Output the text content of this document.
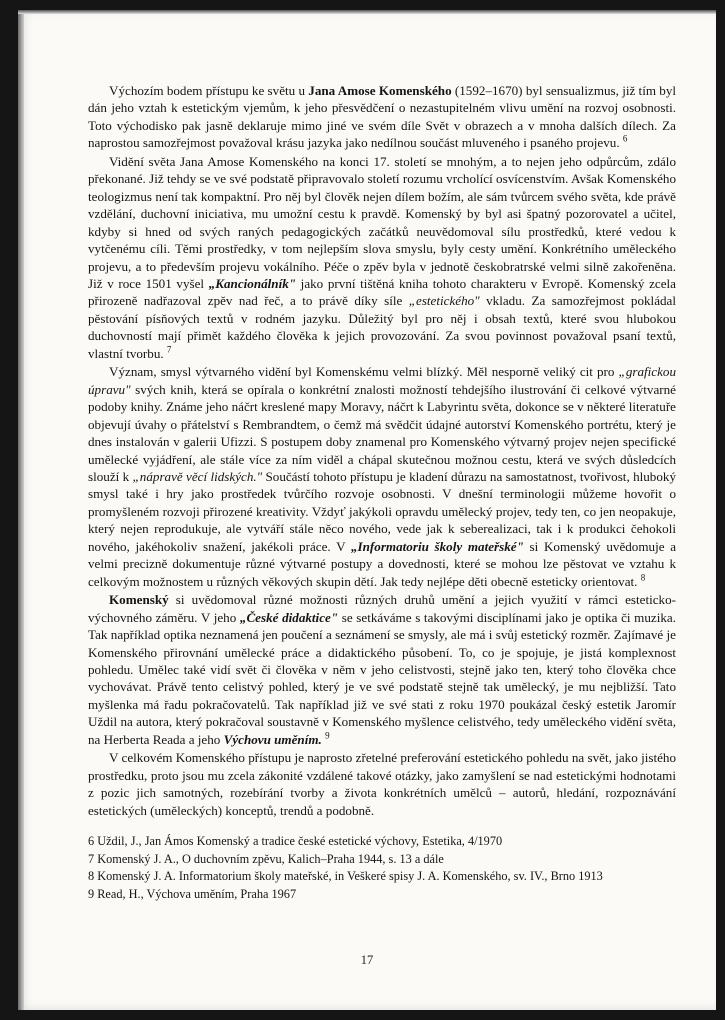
Výchozím bodem přístupu ke světu u Jana Amose Komenského (1592–1670) byl sensualizmus, již tím byl dán jeho vztah k estetickým vjemům, k jeho přesvědčení o nezastupitelném vlivu umění na rozvoj osobnosti. Toto východisko pak jasně deklaruje mimo jiné ve svém díle Svět v obrazech a v mnoha dalších dílech. Za naprostou samozřejmost považoval krásu jazyka jako nedílnou součást mluveného i psaného projevu. $^6$

Vidění světa Jana Amose Komenského na konci 17. století se mnohým, a to nejen jeho odpůrcům, zdálo překonané. Již tehdy se ve své podstatě připravovalo století rozumu vrcholící osvícenstvím. Avšak Komenského teologizmus není tak kompaktní. Pro něj byl člověk nejen dílem božím, ale sám tvůrcem svého světa, kde právě vzdělání, duchovní iniciativa, mu umožní cestu k pravdě. Komenský by byl asi špatný pozorovatel a učitel, kdyby si hned od svých raných pedagogických začátků neuvědomoval sílu prostředků, které vedou k vytčenému cíli. Těmi prostředky, v tom nejlepším slova smyslu, byly cesty umění. Konkrétního uměleckého projevu, a to především projevu vokálního. Péče o zpěv byla v jednotě českobratrské velmi silně zakořeněna. Již v roce 1501 vyšel „Kancionálník" jako první tištěná kniha tohoto charakteru v Evropě. Komenský zcela přirozeně nadřazoval zpěv nad řeč, a to právě díky síle „estetického" vkladu. Za samozřejmost pokládal pěstování písňových textů v rodném jazyku. Důležitý byl pro něj i obsah textů, které svou hlubokou duchovností mají přimět každého člověka k jejich provozování. Za svou povinnost považoval psaní textů, vlastní tvorbu. $^7$

Význam, smysl výtvarného vidění byl Komenskému velmi blízký. Měl nesporně veliký cit pro „grafickou úpravu" svých knih, která se opírala o konkrétní znalosti možností tehdejšího ilustrování či celkové výtvarné podoby knihy. Známe jeho náčrt kreslené mapy Moravy, náčrt k Labyrintu světa, dokonce se v některé literatuře objevují úvahy o přátelství s Rembrandtem, o čemž má svědčit údajné autorství Komenského portrétu, který je dnes instalován v galerii Ufizzi. S postupem doby znamenal pro Komenského výtvarný projev nejen specifické umělecké vyjádření, ale stále více za ním viděl a chápal skutečnou možnou cestu, která ve svých důsledcích slouží k „nápravě věcí lidských." Součástí tohoto přístupu je kladení důrazu na samostatnost, tvořivost, hluboký smysl také i hry jako prostředek tvůrčího rozvoje osobnosti. V dnešní terminologii můžeme hovořit o promyšleném rozvoji přirozené kreativity. Vždyť jakýkoli opravdu umělecký projev, tedy ten, co jen neopakuje, který nejen reprodukuje, ale vytváří stále něco nového, vede jak k seberealizaci, tak i k produkci čehokoli nového, jakéhokoliv snažení, jakékoli práce. V „Informatoriu školy mateřské" si Komenský uvědomuje a velmi precizně dokumentuje různé výtvarné postupy a dovednosti, které se mohou lze pěstovat ve vztahu k celkovým možnostem u různých věkových skupin dětí. Jak tedy nejlépe děti obecně esteticky orientovat. $^8$

Komenský si uvědomoval různé možnosti různých druhů umění a jejich využití v rámci esteticko-výchovného záměru. V jeho „České didaktice" se setkáváme s takovými disciplínami jako je optika či muzika. Tak například optika neznamená jen poučení a seznámení se smysly, ale má i svůj estetický rozměr. Zajímavé je Komenského přirovnání umělecké práce a didaktického působení. To, co je spojuje, je jistá komplexnost pohledu. Umělec také vidí svět či člověka v něm v jeho celistvosti, stejně jako ten, který toho člověka chce vychovávat. Právě tento celistvý pohled, který je ve své podstatě stejně tak umělecký, je mu nejbližší. Tato myšlenka má řadu pokračovatelů. Tak například již ve své stati z roku 1970 poukázal český estetik Jaromír Uždil na autora, který pokračoval soustavně v Komenského myšlence celistvého, tedy uměleckého vidění světa, na Herberta Reada a jeho Výchovu uměním. $^9$

V celkovém Komenského přístupu je naprosto zřetelné preferování estetického pohledu na svět, jako jistého prostředku, proto jsou mu zcela zákonité vzdálené takové otázky, jako zamyšlení se nad estetickými hodnotami z pozic jich samotných, rozebírání tvorby a života konkrétních umělců – autorů, hledání, rozpoznávání estetických (uměleckých) konceptů, trendů a podobně.

6 Uždil, J., Jan Ámos Komenský a tradice české estetické výchovy, Estetika, 4/1970
7 Komenský J. A., O duchovním zpěvu, Kalich–Praha 1944, s. 13 a dále
8 Komenský J. A. Informatorium školy mateřské, in Veškeré spisy J. A. Komenského, sv. IV., Brno 1913
9 Read, H., Výchova uměním, Praha 1967
17
